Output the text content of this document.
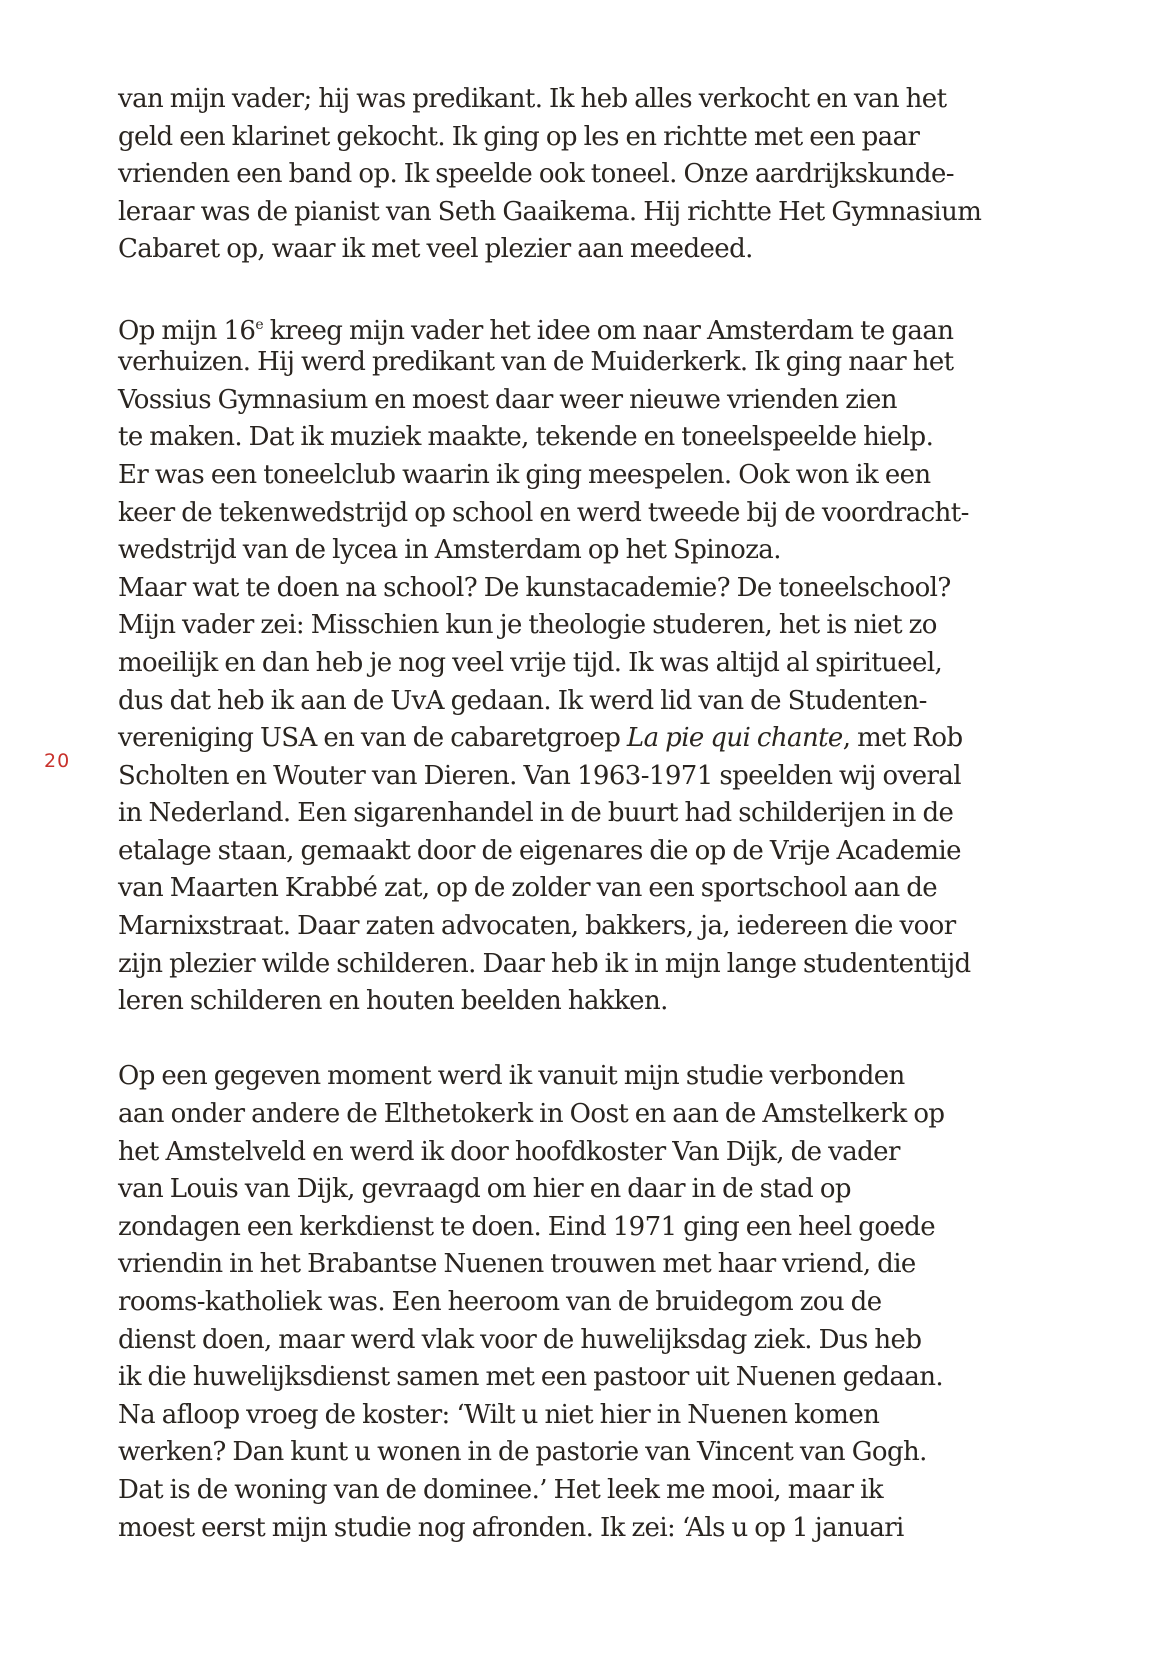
20
van mijn vader; hij was predikant. Ik heb alles verkocht en van het
geld een klarinet gekocht. Ik ging op les en richtte met een paar
vrienden een band op. Ik speelde ook toneel. Onze aardrijkskunde-
leraar was de pianist van Seth Gaaikema. Hij richtte Het Gymnasium
Cabaret op, waar ik met veel plezier aan meedeed.
Op mijn 16e kreeg mijn vader het idee om naar Amsterdam te gaan
verhuizen. Hij werd predikant van de Muiderkerk. Ik ging naar het
Vossius Gymnasium en moest daar weer nieuwe vrienden zien
te maken. Dat ik muziek maakte, tekende en toneelspeelde hielp.
Er was een toneelclub waarin ik ging meespelen. Ook won ik een
keer de tekenwedstrijd op school en werd tweede bij de voordracht-
wedstrijd van de lycea in Amsterdam op het Spinoza.
Maar wat te doen na school? De kunstacademie? De toneelschool?
Mijn vader zei: Misschien kun je theologie studeren, het is niet zo
moeilijk en dan heb je nog veel vrije tijd. Ik was altijd al spiritueel,
dus dat heb ik aan de UvA gedaan. Ik werd lid van de Studenten-
vereniging USA en van de cabaretgroep La pie qui chante, met Rob
Scholten en Wouter van Dieren. Van 1963-1971 speelden wij overal
in Nederland. Een sigarenhandel in de buurt had schilderijen in de
etalage staan, gemaakt door de eigenares die op de Vrije Academie
van Maarten Krabbé zat, op de zolder van een sportschool aan de
Marnixstraat. Daar zaten advocaten, bakkers, ja, iedereen die voor
zijn plezier wilde schilderen. Daar heb ik in mijn lange studententijd
leren schilderen en houten beelden hakken.
Op een gegeven moment werd ik vanuit mijn studie verbonden
aan onder andere de Elthetokerk in Oost en aan de Amstelkerk op
het Amstelveld en werd ik door hoofdkoster Van Dijk, de vader
van Louis van Dijk, gevraagd om hier en daar in de stad op
zondagen een kerkdienst te doen. Eind 1971 ging een heel goede
vriendin in het Brabantse Nuenen trouwen met haar vriend, die
rooms-katholiek was. Een heeroom van de bruidegom zou de
dienst doen, maar werd vlak voor de huwelijksdag ziek. Dus heb
ik die huwelijksdienst samen met een pastoor uit Nuenen gedaan.
Na afloop vroeg de koster: ‘Wilt u niet hier in Nuenen komen
werken? Dan kunt u wonen in de pastorie van Vincent van Gogh.
Dat is de woning van de dominee.’ Het leek me mooi, maar ik
moest eerst mijn studie nog afronden. Ik zei: ‘Als u op 1 januari
